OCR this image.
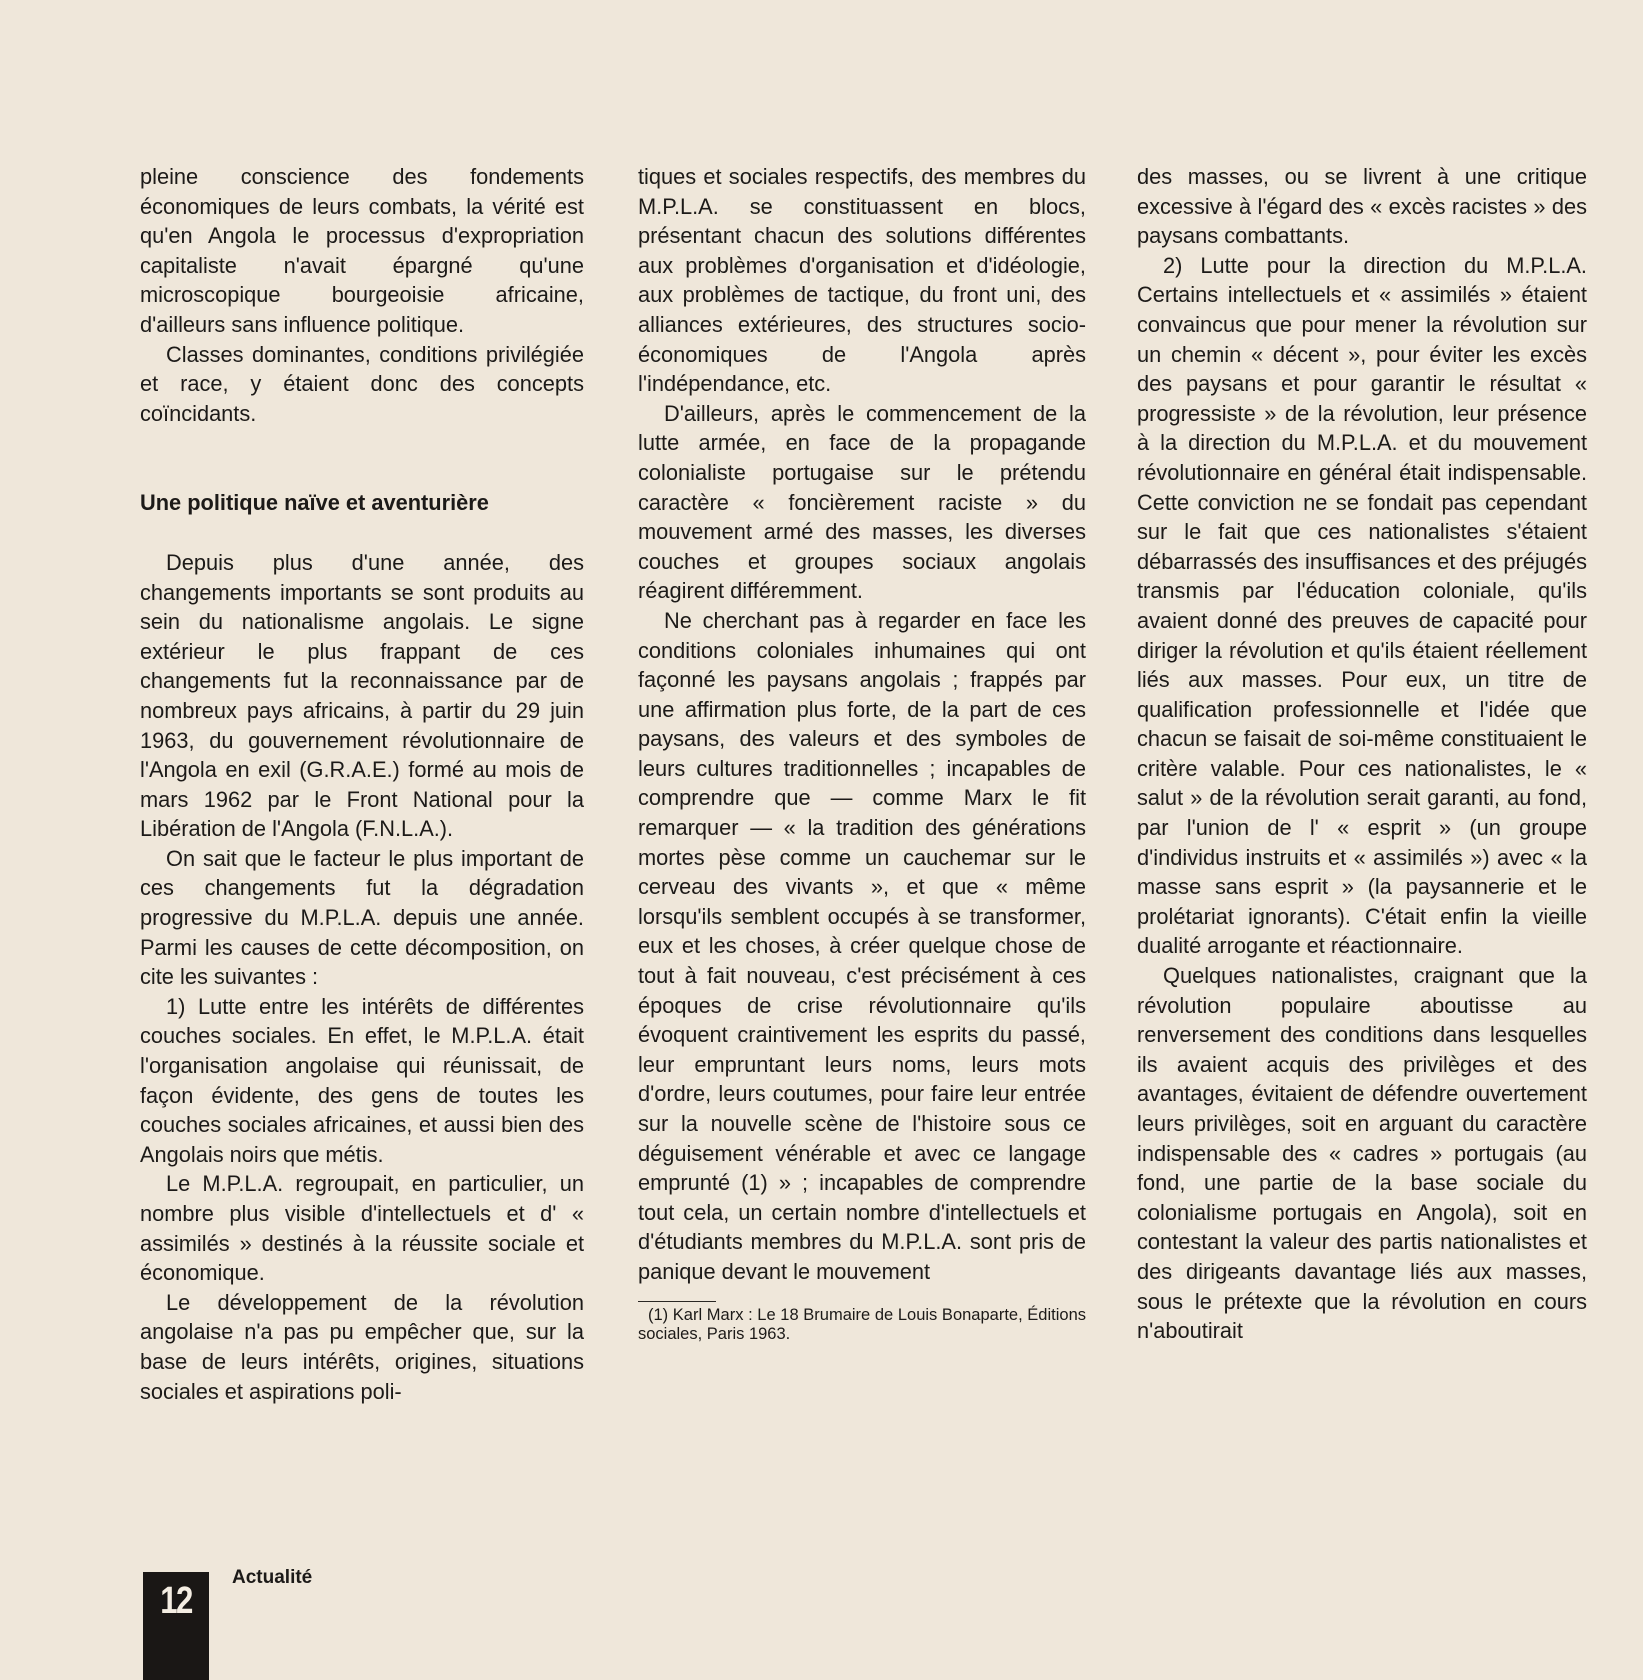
pleine conscience des fondements économiques de leurs combats, la vérité est qu'en Angola le processus d'expropriation capitaliste n'avait épargné qu'une microscopique bourgeoisie africaine, d'ailleurs sans influence politique.

Classes dominantes, conditions privilégiée et race, y étaient donc des concepts coïncidants.

Une politique naïve et aventurière

Depuis plus d'une année, des changements importants se sont produits au sein du nationalisme angolais. Le signe extérieur le plus frappant de ces changements fut la reconnaissance par de nombreux pays africains, à partir du 29 juin 1963, du gouvernement révolutionnaire de l'Angola en exil (G.R.A.E.) formé au mois de mars 1962 par le Front National pour la Libération de l'Angola (F.N.L.A.).

On sait que le facteur le plus important de ces changements fut la dégradation progressive du M.P.L.A. depuis une année. Parmi les causes de cette décomposition, on cite les suivantes :

1) Lutte entre les intérêts de différentes couches sociales. En effet, le M.P.L.A. était l'organisation angolaise qui réunissait, de façon évidente, des gens de toutes les couches sociales africaines, et aussi bien des Angolais noirs que métis.

Le M.P.L.A. regroupait, en particulier, un nombre plus visible d'intellectuels et d' « assimilés » destinés à la réussite sociale et économique.

Le développement de la révolution angolaise n'a pas pu empêcher que, sur la base de leurs intérêts, origines, situations sociales et aspirations poli-

tiques et sociales respectifs, des membres du M.P.L.A. se constituassent en blocs, présentant chacun des solutions différentes aux problèmes d'organisation et d'idéologie, aux problèmes de tactique, du front uni, des alliances extérieures, des structures socio-économiques de l'Angola après l'indépendance, etc.

D'ailleurs, après le commencement de la lutte armée, en face de la propagande colonialiste portugaise sur le prétendu caractère « foncièrement raciste » du mouvement armé des masses, les diverses couches et groupes sociaux angolais réagirent différemment.

Ne cherchant pas à regarder en face les conditions coloniales inhumaines qui ont façonné les paysans angolais ; frappés par une affirmation plus forte, de la part de ces paysans, des valeurs et des symboles de leurs cultures traditionnelles ; incapables de comprendre que — comme Marx le fit remarquer — « la tradition des générations mortes pèse comme un cauchemar sur le cerveau des vivants », et que « même lorsqu'ils semblent occupés à se transformer, eux et les choses, à créer quelque chose de tout à fait nouveau, c'est précisément à ces époques de crise révolutionnaire qu'ils évoquent craintivement les esprits du passé, leur empruntant leurs noms, leurs mots d'ordre, leurs coutumes, pour faire leur entrée sur la nouvelle scène de l'histoire sous ce déguisement vénérable et avec ce langage emprunté (1) » ; incapables de comprendre tout cela, un certain nombre d'intellectuels et d'étudiants membres du M.P.L.A. sont pris de panique devant le mouvement

(1) Karl Marx : Le 18 Brumaire de Louis Bonaparte, Éditions sociales, Paris 1963.

des masses, ou se livrent à une critique excessive à l'égard des « excès racistes » des paysans combattants.

2) Lutte pour la direction du M.P.L.A. Certains intellectuels et « assimilés » étaient convaincus que pour mener la révolution sur un chemin « décent », pour éviter les excès des paysans et pour garantir le résultat « progressiste » de la révolution, leur présence à la direction du M.P.L.A. et du mouvement révolutionnaire en général était indispensable. Cette conviction ne se fondait pas cependant sur le fait que ces nationalistes s'étaient débarrassés des insuffisances et des préjugés transmis par l'éducation coloniale, qu'ils avaient donné des preuves de capacité pour diriger la révolution et qu'ils étaient réellement liés aux masses. Pour eux, un titre de qualification professionnelle et l'idée que chacun se faisait de soi-même constituaient le critère valable. Pour ces nationalistes, le « salut » de la révolution serait garanti, au fond, par l'union de l' « esprit » (un groupe d'individus instruits et « assimilés ») avec « la masse sans esprit » (la paysannerie et le prolétariat ignorants). C'était enfin la vieille dualité arrogante et réactionnaire.

Quelques nationalistes, craignant que la révolution populaire aboutisse au renversement des conditions dans lesquelles ils avaient acquis des privilèges et des avantages, évitaient de défendre ouvertement leurs privilèges, soit en arguant du caractère indispensable des « cadres » portugais (au fond, une partie de la base sociale du colonialisme portugais en Angola), soit en contestant la valeur des partis nationalistes et des dirigeants davantage liés aux masses, sous le prétexte que la révolution en cours n'aboutirait

12
Actualité
